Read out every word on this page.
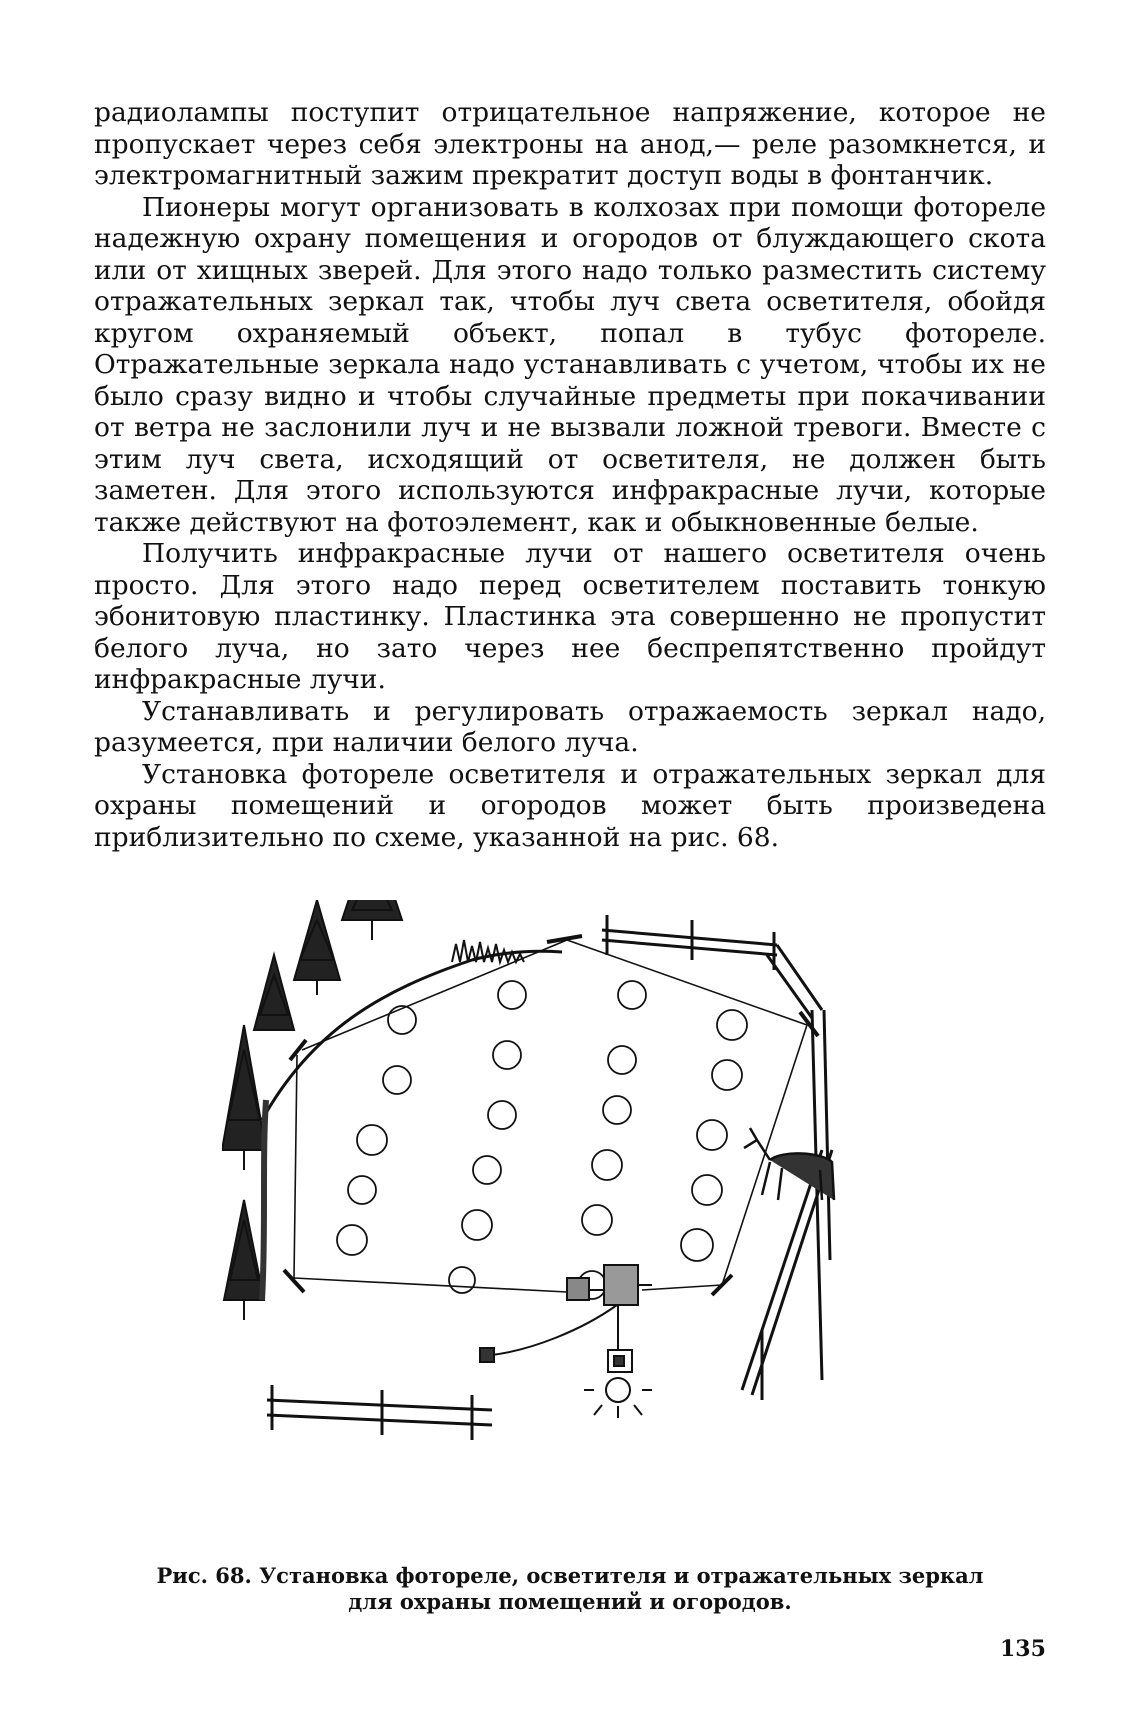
радиолампы поступит отрицательное напряжение, которое не пропускает через себя электроны на анод,— реле разомкнется, и электромагнитный зажим прекратит доступ воды в фонтанчик.

Пионеры могут организовать в колхозах при помощи фотореле надежную охрану помещения и огородов от блуждающего скота или от хищных зверей. Для этого надо только разместить систему отражательных зеркал так, чтобы луч света осветителя, обойдя кругом охраняемый объект, попал в тубус фотореле. Отражательные зеркала надо устанавливать с учетом, чтобы их не было сразу видно и чтобы случайные предметы при покачивании от ветра не заслонили луч и не вызвали ложной тревоги. Вместе с этим луч света, исходящий от осветителя, не должен быть заметен. Для этого используются инфракрасные лучи, которые также действуют на фотоэлемент, как и обыкновенные белые.

Получить инфракрасные лучи от нашего осветителя очень просто. Для этого надо перед осветителем поставить тонкую эбонитовую пластинку. Пластинка эта совершенно не пропустит белого луча, но зато через нее беспрепятственно пройдут инфракрасные лучи.

Устанавливать и регулировать отражаемость зеркал надо, разумеется, при наличии белого луча.

Установка фотореле осветителя и отражательных зеркал для охраны помещений и огородов может быть произведена приблизительно по схеме, указанной на рис. 68.

Рис. 68. Установка фотореле, осветителя и отражательных зеркал
для охраны помещений и огородов.
135
